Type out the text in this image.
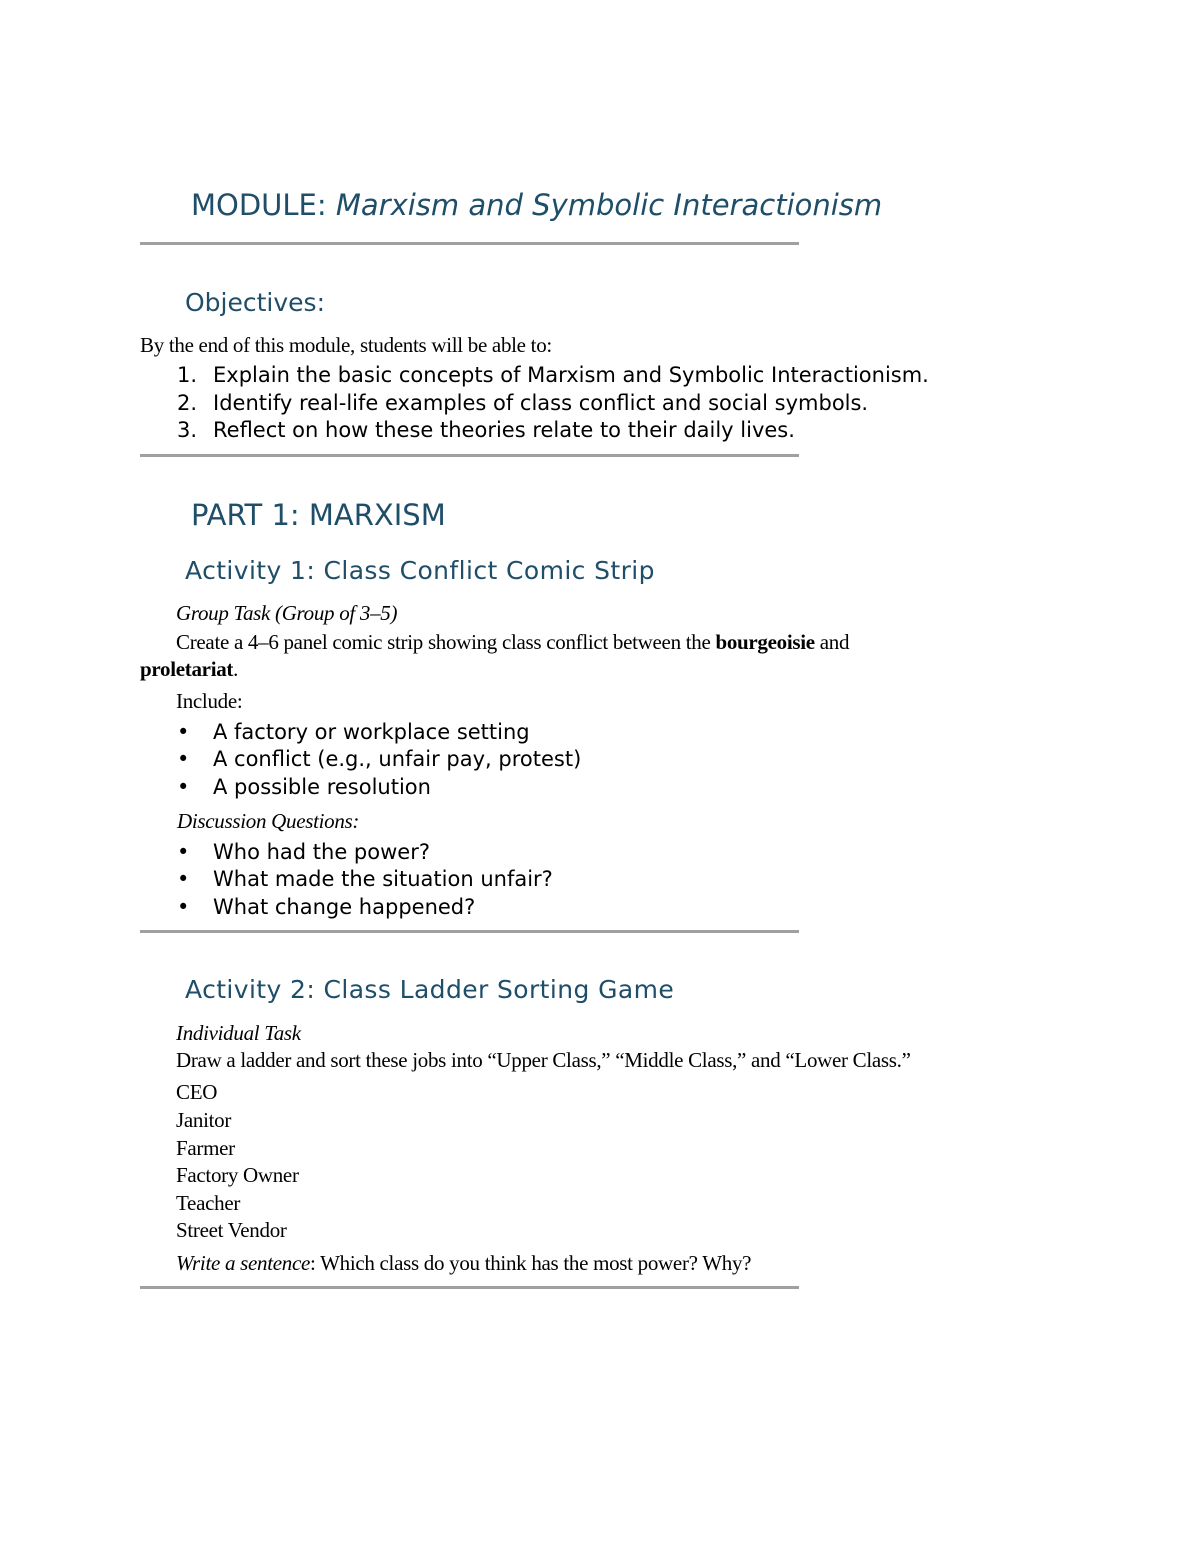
MODULE: Marxism and Symbolic Interactionism
Objectives:
By the end of this module, students will be able to:
1. Explain the basic concepts of Marxism and Symbolic Interactionism.
2. Identify real-life examples of class conflict and social symbols.
3. Reflect on how these theories relate to their daily lives.
PART 1: MARXISM
Activity 1: Class Conflict Comic Strip
Group Task (Group of 3–5)
Create a 4–6 panel comic strip showing class conflict between the bourgeoisie and
proletariat.
Include:
• A factory or workplace setting
• A conflict (e.g., unfair pay, protest)
• A possible resolution
Discussion Questions:
• Who had the power?
• What made the situation unfair?
• What change happened?
Activity 2: Class Ladder Sorting Game
Individual Task
Draw a ladder and sort these jobs into “Upper Class,” “Middle Class,” and “Lower Class.”
CEO
Janitor
Farmer
Factory Owner
Teacher
Street Vendor
Write a sentence: Which class do you think has the most power? Why?
